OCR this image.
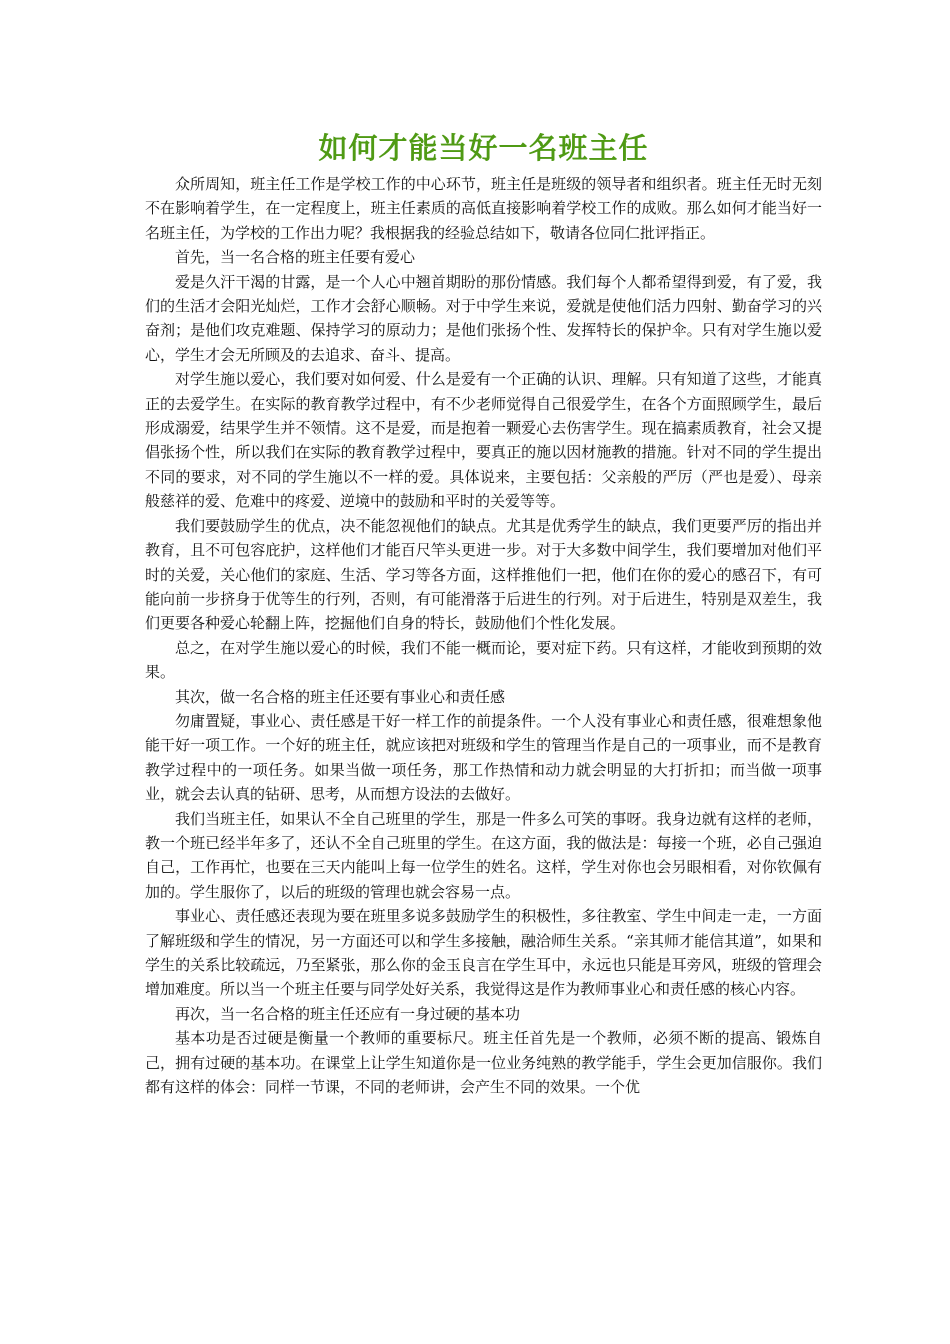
如何才能当好一名班主任

众所周知，班主任工作是学校工作的中心环节，班主任是班级的领导者和组织者。班主任无时无刻不在影响着学生，在一定程度上，班主任素质的高低直接影响着学校工作的成败。那么如何才能当好一名班主任，为学校的工作出力呢？我根据我的经验总结如下，敬请各位同仁批评指正。

首先，当一名合格的班主任要有爱心

爱是久汗干渴的甘露，是一个人心中翘首期盼的那份情感。我们每个人都希望得到爱，有了爱，我们的生活才会阳光灿烂，工作才会舒心顺畅。对于中学生来说，爱就是使他们活力四射、勤奋学习的兴奋剂；是他们攻克难题、保持学习的原动力；是他们张扬个性、发挥特长的保护伞。只有对学生施以爱心，学生才会无所顾及的去追求、奋斗、提高。

对学生施以爱心，我们要对如何爱、什么是爱有一个正确的认识、理解。只有知道了这些，才能真正的去爱学生。在实际的教育教学过程中，有不少老师觉得自己很爱学生，在各个方面照顾学生，最后形成溺爱，结果学生并不领情。这不是爱，而是抱着一颗爱心去伤害学生。现在搞素质教育，社会又提倡张扬个性，所以我们在实际的教育教学过程中，要真正的施以因材施教的措施。针对不同的学生提出不同的要求，对不同的学生施以不一样的爱。具体说来，主要包括：父亲般的严厉（严也是爱）、母亲般慈祥的爱、危难中的疼爱、逆境中的鼓励和平时的关爱等等。

我们要鼓励学生的优点，决不能忽视他们的缺点。尤其是优秀学生的缺点，我们更要严厉的指出并教育，且不可包容庇护，这样他们才能百尺竿头更进一步。对于大多数中间学生，我们要增加对他们平时的关爱，关心他们的家庭、生活、学习等各方面，这样推他们一把，他们在你的爱心的感召下，有可能向前一步挤身于优等生的行列，否则，有可能滑落于后进生的行列。对于后进生，特别是双差生，我们更要各种爱心轮翻上阵，挖掘他们自身的特长，鼓励他们个性化发展。

总之，在对学生施以爱心的时候，我们不能一概而论，要对症下药。只有这样，才能收到预期的效果。

其次，做一名合格的班主任还要有事业心和责任感

勿庸置疑，事业心、责任感是干好一样工作的前提条件。一个人没有事业心和责任感，很难想象他能干好一项工作。一个好的班主任，就应该把对班级和学生的管理当作是自己的一项事业，而不是教育教学过程中的一项任务。如果当做一项任务，那工作热情和动力就会明显的大打折扣；而当做一项事业，就会去认真的钻研、思考，从而想方设法的去做好。

我们当班主任，如果认不全自己班里的学生，那是一件多么可笑的事呀。我身边就有这样的老师，教一个班已经半年多了，还认不全自己班里的学生。在这方面，我的做法是：每接一个班，必自己强迫自己，工作再忙，也要在三天内能叫上每一位学生的姓名。这样，学生对你也会另眼相看，对你钦佩有加的。学生服你了，以后的班级的管理也就会容易一点。

事业心、责任感还表现为要在班里多说多鼓励学生的积极性，多往教室、学生中间走一走，一方面了解班级和学生的情况，另一方面还可以和学生多接触，融洽师生关系。“亲其师才能信其道”，如果和学生的关系比较疏远，乃至紧张，那么你的金玉良言在学生耳中，永远也只能是耳旁风，班级的管理会增加难度。所以当一个班主任要与同学处好关系，我觉得这是作为教师事业心和责任感的核心内容。

再次，当一名合格的班主任还应有一身过硬的基本功

基本功是否过硬是衡量一个教师的重要标尺。班主任首先是一个教师，必须不断的提高、锻炼自己，拥有过硬的基本功。在课堂上让学生知道你是一位业务纯熟的教学能手，学生会更加信服你。我们都有这样的体会：同样一节课，不同的老师讲，会产生不同的效果。一个优
